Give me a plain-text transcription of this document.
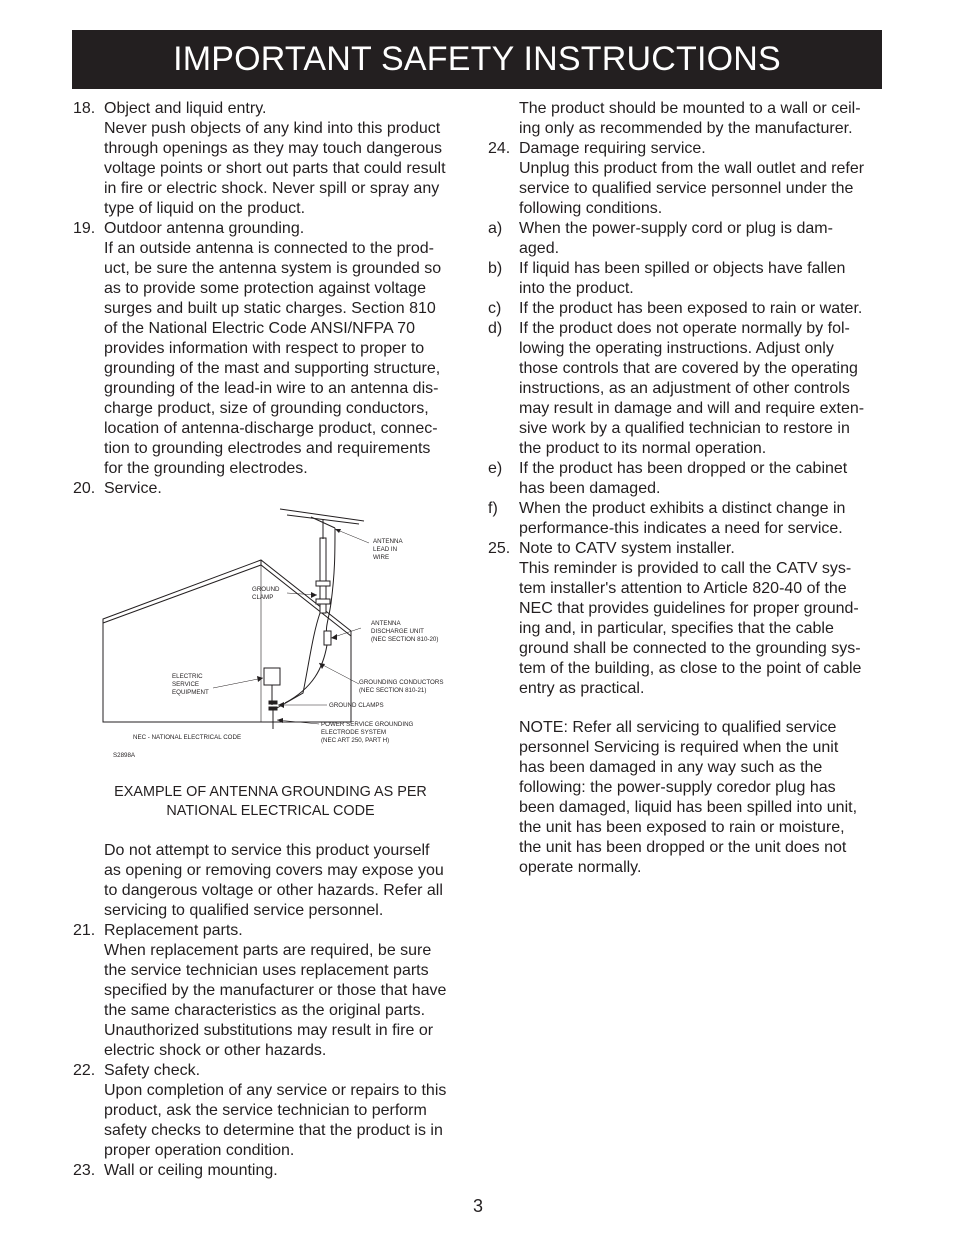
IMPORTANT SAFETY INSTRUCTIONS
18. Object and liquid entry.

Never push objects of any kind into this product

through openings as they may touch dangerous

voltage points or short out parts that could result

in fire or electric shock. Never spill or spray any

type of liquid on the product.

19. Outdoor antenna grounding.

If an outside antenna is connected to the prod-

uct, be sure the antenna system is grounded so

as to provide some protection against voltage

surges and built up static charges. Section 810

of the National Electric Code ANSI/NFPA 70

provides information with respect to proper to

grounding of the mast and supporting structure,

grounding of the lead-in wire to an antenna dis-

charge product, size of grounding conductors,

location of antenna-discharge product, connec-

tion to grounding electrodes and requirements

for the grounding electrodes.

20. Service.

ANTENNA
LEAD IN
WIRE
GROUND
CLAMP
ANTENNA
DISCHARGE UNIT
(NEC SECTION 810-20)
ELECTRIC
SERVICE
EQUIPMENT
GROUNDING CONDUCTORS
(NEC SECTION 810-21)
GROUND CLAMPS
POWER SERVICE GROUNDING
ELECTRODE SYSTEM
(NEC ART 250, PART H)
NEC - NATIONAL ELECTRICAL CODE
S2898A

EXAMPLE OF ANTENNA GROUNDING AS PER

NATIONAL ELECTRICAL CODE

Do not attempt to service this product yourself

as opening or removing covers may expose you

to dangerous voltage or other hazards. Refer all

servicing to qualified service personnel.

21. Replacement parts.

When replacement parts are required, be sure

the service technician uses replacement parts

specified by the manufacturer or those that have

the same characteristics as the original parts.

Unauthorized substitutions may result in fire or

electric shock or other hazards.

22. Safety check.

Upon completion of any service or repairs to this

product, ask the service technician to perform

safety checks to determine that the product is in

proper operation condition.

23. Wall or ceiling mounting.

The product should be mounted to a wall or ceil-

ing only as recommended by the manufacturer.

24. Damage requiring service.

Unplug this product from the wall outlet and refer

service to qualified service personnel under the

following conditions.

a) When the power-supply cord or plug is dam-

aged.

b) If liquid has been spilled or objects have fallen

into the product.

c) If the product has been exposed to rain or water.

d) If the product does not operate normally by fol-

lowing the operating instructions. Adjust only

those controls that are covered by the operating

instructions, as an adjustment of other controls

may result in damage and will and require exten-

sive work by a qualified technician to restore in

the product to its normal operation.

e) If the product has been dropped or the cabinet

has been damaged.

f) When the product exhibits a distinct change in

performance-this indicates a need for service.

25. Note to CATV system installer.

This reminder is provided to call the CATV sys-

tem installer's attention to Article 820-40 of the

NEC that provides guidelines for proper ground-

ing and, in particular, specifies that the cable

ground shall be connected to the grounding sys-

tem of the building, as close to the point of cable

entry as practical.

NOTE: Refer all servicing to qualified service

personnel Servicing is required when the unit

has been damaged in any way such as the

following: the power-supply coredor plug has

been damaged, liquid has been spilled into unit,

the unit has been exposed to rain or moisture,

the unit has been dropped or the unit does not

operate normally.

3
